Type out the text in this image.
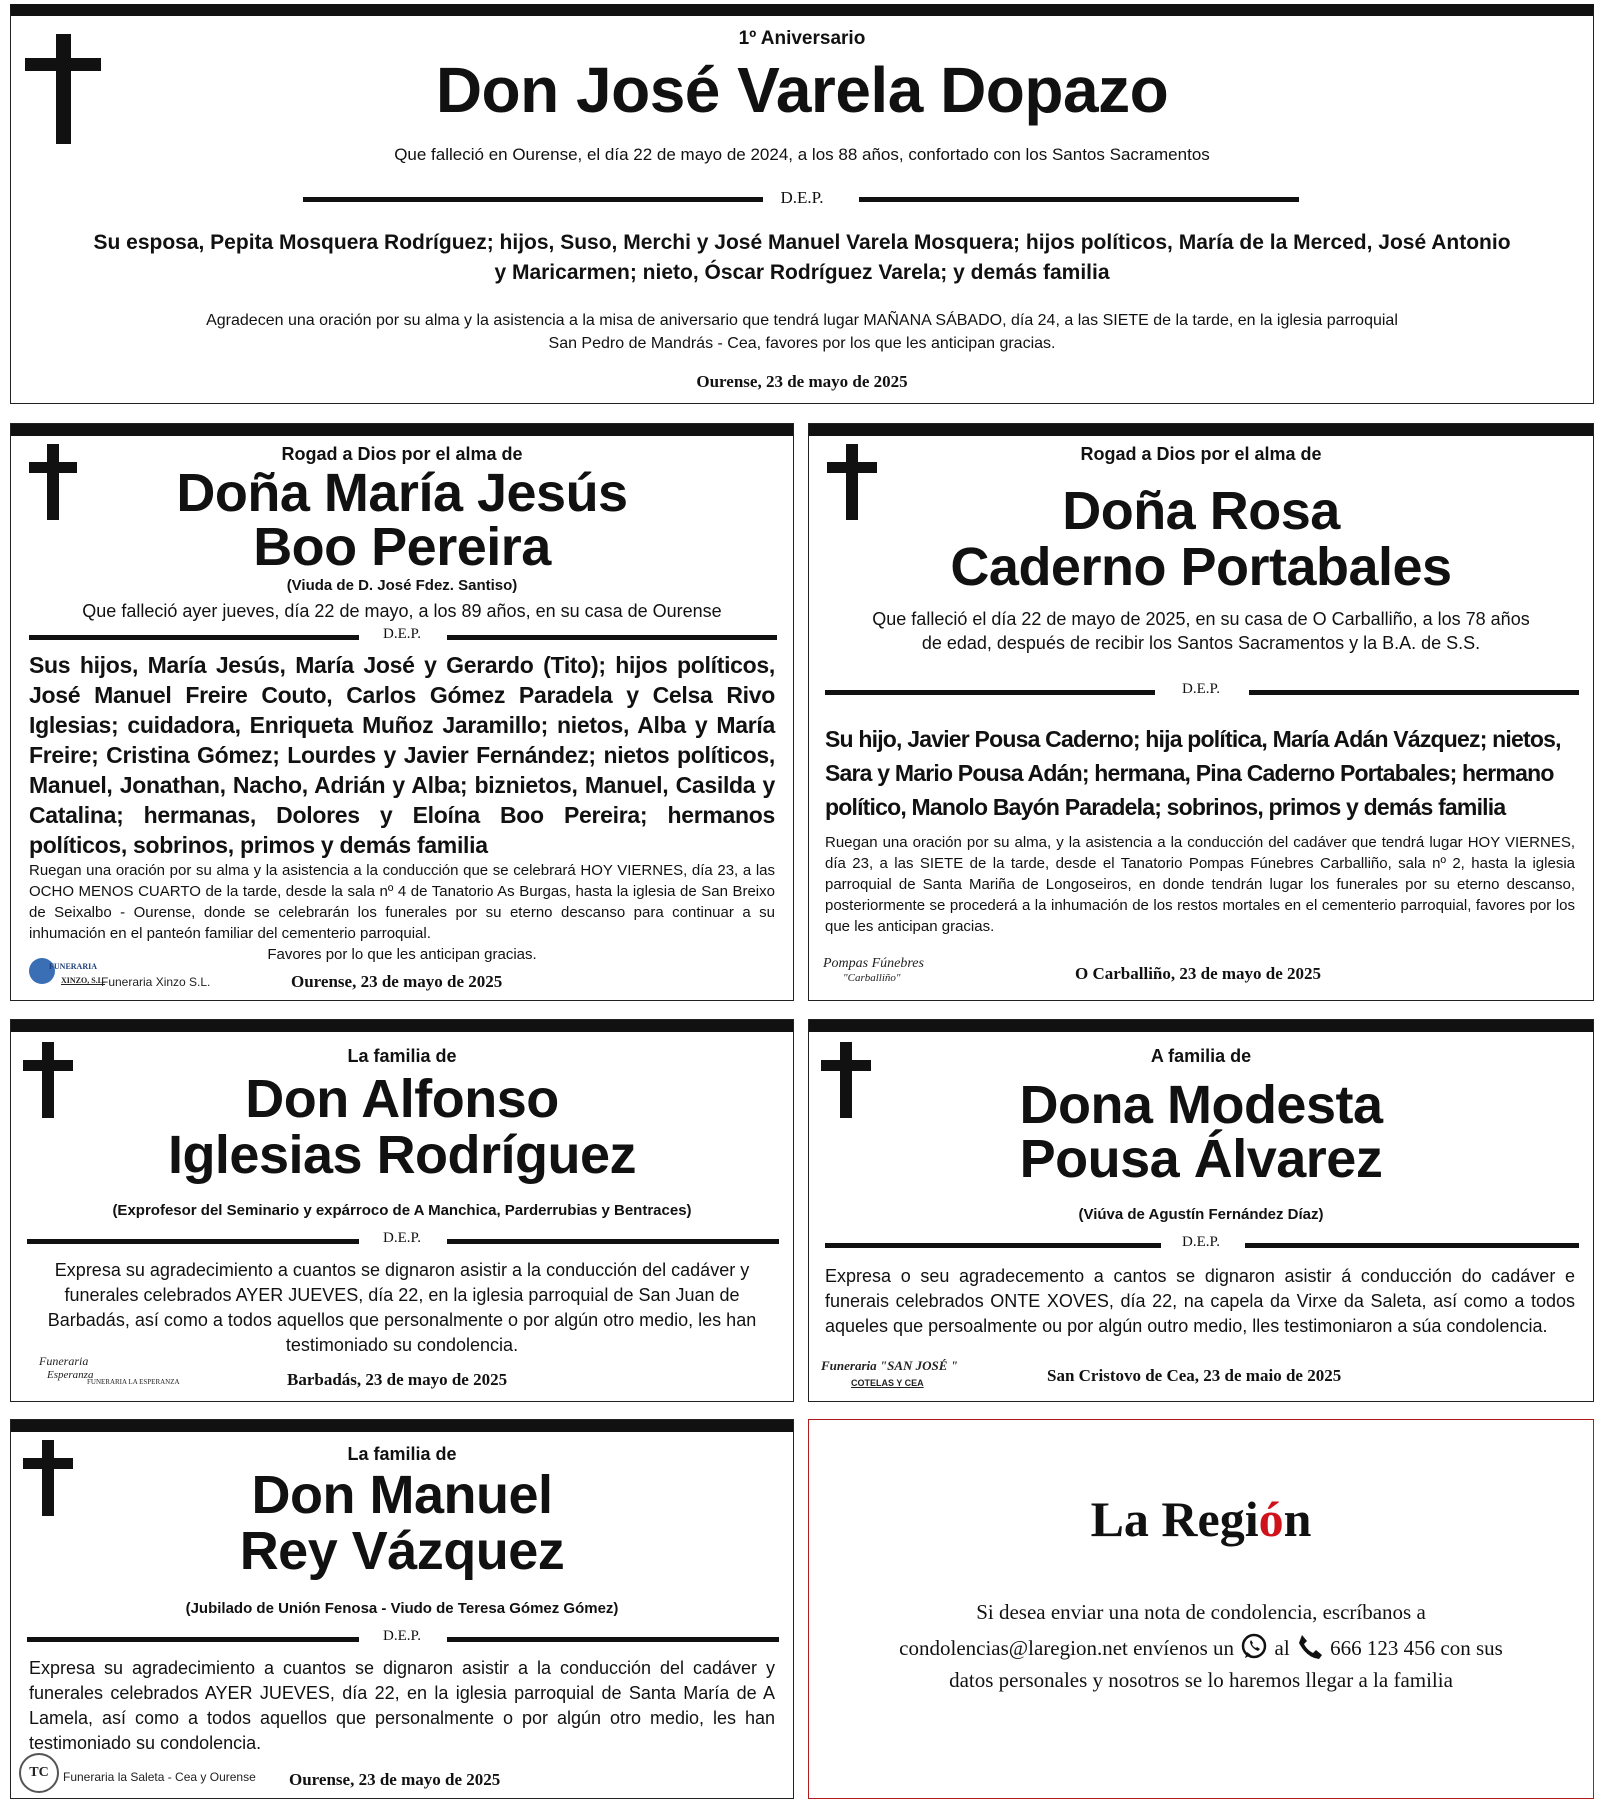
1º Aniversario
Don José Varela Dopazo
Que falleció en Ourense, el día 22 de mayo de 2024, a los 88 años, confortado con los Santos Sacramentos
D.E.P.
Su esposa, Pepita Mosquera Rodríguez; hijos, Suso, Merchi y José Manuel Varela Mosquera; hijos políticos, María de la Merced, José Antonio
y Maricarmen; nieto, Óscar Rodríguez Varela; y demás familia
Agradecen una oración por su alma y la asistencia a la misa de aniversario que tendrá lugar MAÑANA SÁBADO, día 24, a las SIETE de la tarde, en la iglesia parroquial
San Pedro de Mandrás - Cea, favores por los que les anticipan gracias.
Ourense, 23 de mayo de 2025
Rogad a Dios por el alma de
Doña María Jesús
Boo Pereira
(Viuda de D. José Fdez. Santiso)
Que falleció ayer jueves, día 22 de mayo, a los 89 años, en su casa de Ourense
D.E.P.
Sus hijos, María Jesús, María José y Gerardo (Tito); hijos políticos, José Manuel Freire Couto, Carlos Gómez Paradela y Celsa Rivo Iglesias; cuidadora, Enriqueta Muñoz Jaramillo; nietos, Alba y María Freire; Cristina Gómez; Lourdes y Javier Fernández; nietos políticos, Manuel, Jonathan, Nacho, Adrián y Alba; biznietos, Manuel, Casilda y Catalina; hermanas, Dolores y Eloína Boo Pereira; hermanos políticos, sobrinos, primos y demás familia
Ruegan una oración por su alma y la asistencia a la conducción que se celebrará HOY VIERNES, día 23, a las OCHO MENOS CUARTO de la tarde, desde la sala nº 4 de Tanatorio As Burgas, hasta la iglesia de San Breixo de Seixalbo - Ourense, donde se celebrarán los funerales por su eterno descanso para continuar a su inhumación en el panteón familiar del cementerio parroquial.
Favores por lo que les anticipan gracias.
FUNERARIA
XINZO, S.L.
Funeraria Xinzo S.L.	Ourense, 23 de mayo de 2025
Rogad a Dios por el alma de
Doña Rosa
Caderno Portabales
Que falleció el día 22 de mayo de 2025, en su casa de O Carballiño, a los 78 años
de edad, después de recibir los Santos Sacramentos y la B.A. de S.S.
D.E.P.
Su hijo, Javier Pousa Caderno; hija política, María Adán Vázquez; nietos, Sara y Mario Pousa Adán; hermana, Pina Caderno Portabales; hermano político, Manolo Bayón Paradela; sobrinos, primos y demás familia
Ruegan una oración por su alma, y la asistencia a la conducción del cadáver que tendrá lugar HOY VIERNES, día 23, a las SIETE de la tarde, desde el Tanatorio Pompas Fúnebres Carballiño, sala nº 2, hasta la iglesia parroquial de Santa Mariña de Longoseiros, en donde tendrán lugar los funerales por su eterno descanso, posteriormente se procederá a la inhumación de los restos mortales en el cementerio parroquial, favores por los que les anticipan gracias.
Pompas Fúnebres
"Carballiño"	O Carballiño, 23 de mayo de 2025
La familia de
Don Alfonso
Iglesias Rodríguez
(Exprofesor del Seminario y expárroco de A Manchica, Parderrubias y Bentraces)
D.E.P.
Expresa su agradecimiento a cuantos se dignaron asistir a la conducción del cadáver y funerales celebrados AYER JUEVES, día 22, en la iglesia parroquial de San Juan de Barbadás, así como a todos aquellos que personalmente o por algún otro medio, les han testimoniado su condolencia.
Funeraria
Esperanza
FUNERARIA LA ESPERANZA	Barbadás, 23 de mayo de 2025
A familia de
Dona Modesta
Pousa Álvarez
(Viúva de Agustín Fernández Díaz)
D.E.P.
Expresa o seu agradecemento a cantos se dignaron asistir á conducción do cadáver e funerais celebrados ONTE XOVES, día 22, na capela da Virxe da Saleta, así como a todos aqueles que persoalmente ou por algún outro medio, lles testimoniaron a súa condolencia.
Funeraria "SAN JOSÉ "
COTELAS Y CEA	San Cristovo de Cea, 23 de maio de 2025
La familia de
Don Manuel
Rey Vázquez
(Jubilado de Unión Fenosa - Viudo de Teresa Gómez Gómez)
D.E.P.
Expresa su agradecimiento a cuantos se dignaron asistir a la conducción del cadáver y funerales celebrados AYER JUEVES, día 22, en la iglesia parroquial de Santa María de A Lamela, así como a todos aquellos que personalmente o por algún otro medio, les han testimoniado su condolencia.
TC	Funeraria la Saleta - Cea y Ourense Ourense, 23 de mayo de 2025
La Región
Si desea enviar una nota de condolencia, escríbanos a
condolencias@laregion.net envíenos un al 666 123 456 con sus
datos personales y nosotros se lo haremos llegar a la familia
